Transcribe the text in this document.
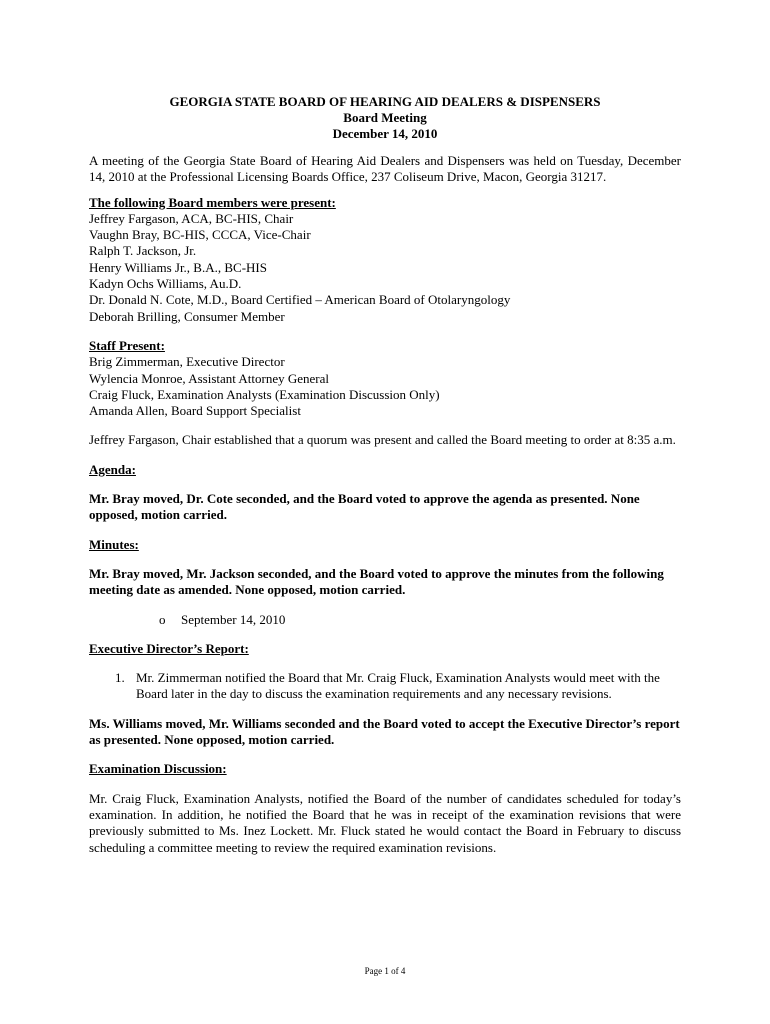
GEORGIA STATE BOARD OF HEARING AID DEALERS & DISPENSERS
Board Meeting
December 14, 2010

A meeting of the Georgia State Board of Hearing Aid Dealers and Dispensers was held on Tuesday, December 14, 2010 at the Professional Licensing Boards Office, 237 Coliseum Drive, Macon, Georgia 31217.

The following Board members were present:

Jeffrey Fargason, ACA, BC-HIS, Chair

Vaughn Bray, BC-HIS, CCCA, Vice-Chair

Ralph T. Jackson, Jr.

Henry Williams Jr., B.A., BC-HIS

Kadyn Ochs Williams, Au.D.

Dr. Donald N. Cote, M.D., Board Certified – American Board of Otolaryngology

Deborah Brilling, Consumer Member

Staff Present:

Brig Zimmerman, Executive Director

Wylencia Monroe, Assistant Attorney General

Craig Fluck, Examination Analysts (Examination Discussion Only)

Amanda Allen, Board Support Specialist

Jeffrey Fargason, Chair established that a quorum was present and called the Board meeting to order at 8:35 a.m.

Agenda:

Mr. Bray moved, Dr. Cote seconded, and the Board voted to approve the agenda as presented. None opposed, motion carried.

Minutes:

Mr. Bray moved, Mr. Jackson seconded, and the Board voted to approve the minutes from the following meeting date as amended. None opposed, motion carried.

o	September 14, 2010

Executive Director’s Report:

1. Mr. Zimmerman notified the Board that Mr. Craig Fluck, Examination Analysts would meet with the Board later in the day to discuss the examination requirements and any necessary revisions.

Ms. Williams moved, Mr. Williams seconded and the Board voted to accept the Executive Director’s report as presented. None opposed, motion carried.

Examination Discussion:

Mr. Craig Fluck, Examination Analysts, notified the Board of the number of candidates scheduled for today’s examination. In addition, he notified the Board that he was in receipt of the examination revisions that were previously submitted to Ms. Inez Lockett. Mr. Fluck stated he would contact the Board in February to discuss scheduling a committee meeting to review the required examination revisions.

Page 1 of 4
